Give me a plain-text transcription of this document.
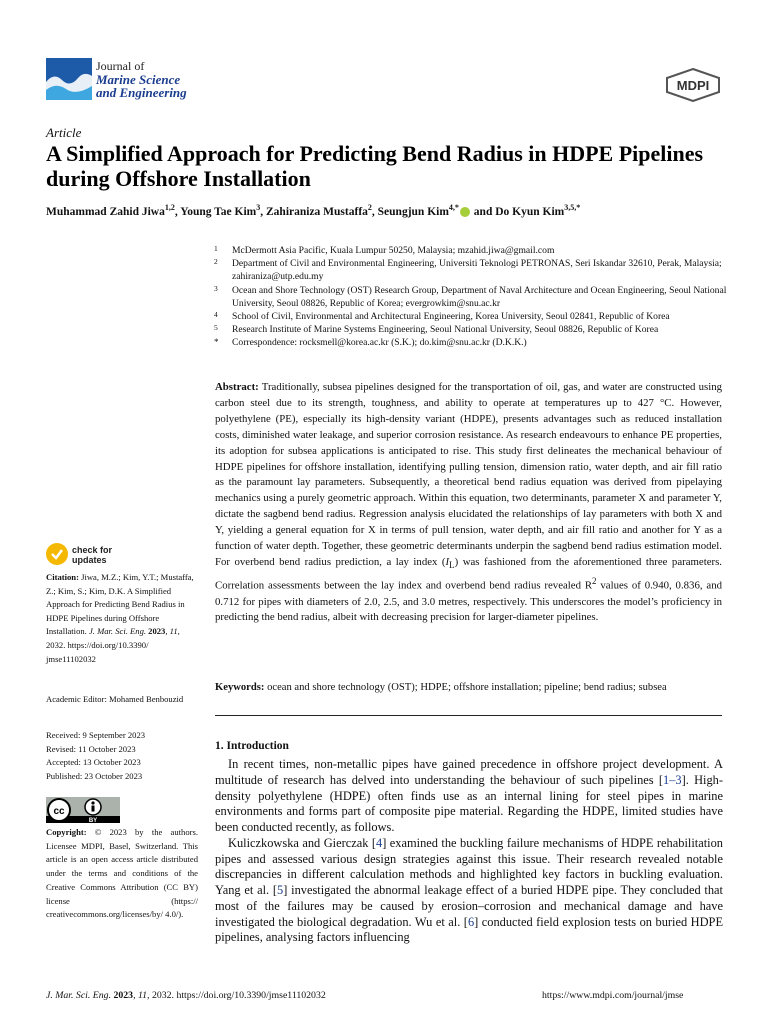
Journal of
Marine Science
and Engineering	MDPI
Article
A Simplified Approach for Predicting Bend Radius in HDPE Pipelines during Offshore Installation
Muhammad Zahid Jiwa$^{1,2}$, Young Tae Kim$^3$, Zahiraniza Mustaffa$^2$, Seungjun Kim$^{4,*}$ and Do Kyun Kim$^{3,5,*}$
1 McDermott Asia Pacific, Kuala Lumpur 50250, Malaysia; mzahid.jiwa@gmail.com
2 Department of Civil and Environmental Engineering, Universiti Teknologi PETRONAS, Seri Iskandar 32610, Perak, Malaysia; zahiraniza@utp.edu.my
3 Ocean and Shore Technology (OST) Research Group, Department of Naval Architecture and Ocean Engineering, Seoul National University, Seoul 08826, Republic of Korea; evergrowkim@snu.ac.kr
4 School of Civil, Environmental and Architectural Engineering, Korea University, Seoul 02841, Republic of Korea
5 Research Institute of Marine Systems Engineering, Seoul National University, Seoul 08826, Republic of Korea
* Correspondence: rocksmell@korea.ac.kr (S.K.); do.kim@snu.ac.kr (D.K.K.)
Abstract: Traditionally, subsea pipelines designed for the transportation of oil, gas, and water are constructed using carbon steel due to its strength, toughness, and ability to operate at temperatures up to 427 °C. However, polyethylene (PE), especially its high-density variant (HDPE), presents advantages such as reduced installation costs, diminished water leakage, and superior corrosion resistance. As research endeavours to enhance PE properties, its adoption for subsea applications is anticipated to rise. This study first delineates the mechanical behaviour of HDPE pipelines for offshore installation, identifying pulling tension, dimension ratio, water depth, and air fill ratio as the paramount lay parameters. Subsequently, a theoretical bend radius equation was derived from pipelaying mechanics using a purely geometric approach. Within this equation, two determinants, parameter X and parameter Y, dictate the sagbend bend radius. Regression analysis elucidated the relationships of lay parameters with both X and Y, yielding a general equation for X in terms of pull tension, water depth, and air fill ratio and another for Y as a function of water depth. Together, these geometric determinants underpin the sagbend bend radius estimation model. For overbend bend radius prediction, a lay index $(I_L)$ was fashioned from the aforementioned three parameters. Correlation assessments between the lay index and overbend bend radius revealed $R^2$ values of 0.940, 0.836, and 0.712 for pipes with diameters of 2.0, 2.5, and 3.0 metres, respectively. This underscores the model’s proficiency in predicting the bend radius, albeit with decreasing precision for larger-diameter pipelines.
Keywords: ocean and shore technology (OST); HDPE; offshore installation; pipeline; bend radius; subsea
1. Introduction

In recent times, non-metallic pipes have gained precedence in offshore project development. A multitude of research has delved into understanding the behaviour of such pipelines [1–3]. High-density polyethylene (HDPE) often finds use as an internal lining for steel pipes in marine environments and forms part of composite pipe material. Regarding the HDPE, limited studies have been conducted recently, as follows.

Kuliczkowska and Gierczak [4] examined the buckling failure mechanisms of HDPE rehabilitation pipes and assessed various design strategies against this issue. Their research revealed notable discrepancies in different calculation methods and highlighted key factors in buckling evaluation. Yang et al. [5] investigated the abnormal leakage effect of a buried HDPE pipe. They concluded that most of the failures may be caused by erosion–corrosion and mechanical damage and have investigated the biological degradation. Wu et al. [6] conducted field explosion tests on buried HDPE pipelines, analysing factors influencing

check for
updates
Citation: Jiwa, M.Z.; Kim, Y.T.; Mustaffa, Z.; Kim, S.; Kim, D.K. A Simplified Approach for Predicting Bend Radius in HDPE Pipelines during Offshore Installation. J. Mar. Sci. Eng. 2023, 11, 2032. https://doi.org/10.3390/ jmse11102032
Academic Editor: Mohamed Benbouzid
Received: 9 September 2023
Revised: 11 October 2023
Accepted: 13 October 2023
Published: 23 October 2023
cc
BY
Copyright: © 2023 by the authors. Licensee MDPI, Basel, Switzerland. This article is an open access article distributed under the terms and conditions of the Creative Commons Attribution (CC BY) license (https:// creativecommons.org/licenses/by/ 4.0/).
J. Mar. Sci. Eng. 2023, 11, 2032. https://doi.org/10.3390/jmse11102032	https://www.mdpi.com/journal/jmse
